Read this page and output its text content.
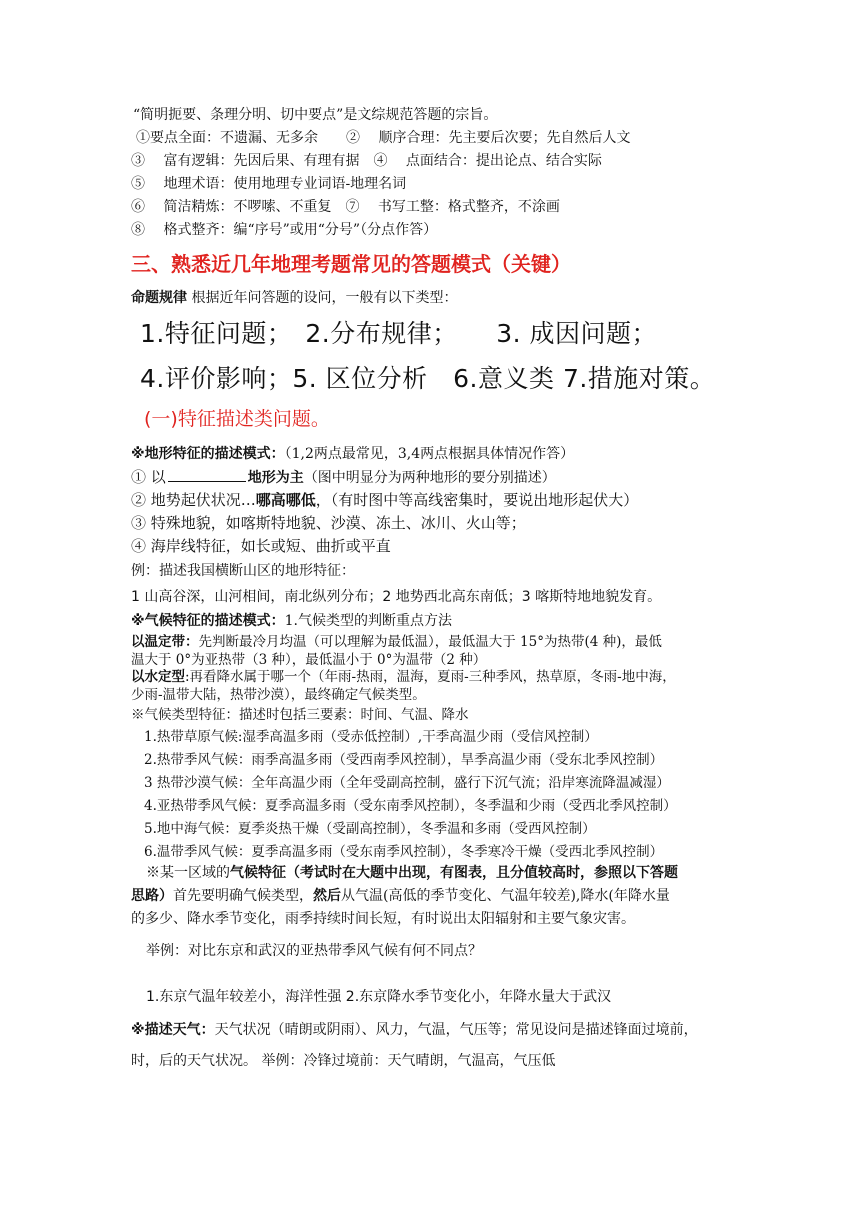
“简明扼要、条理分明、切中要点”是文综规范答题的宗旨。
①要点全面：不遗漏、无多余　　②　 顺序合理：先主要后次要；先自然后人文
③　 富有逻辑：先因后果、有理有据　④　 点面结合：提出论点、结合实际
⑤　 地理术语：使用地理专业词语-地理名词
⑥　 简洁精炼：不啰嗦、不重复　⑦　 书写工整：格式整齐，不涂画
⑧　 格式整齐：编“序号”或用“分号”（分点作答）
三、熟悉近几年地理考题常见的答题模式（关键）
命题规律 根据近年问答题的设问，一般有以下类型：
1.特征问题；　2.分布规律；　　3. 成因问题；
4.评价影响；5. 区位分析　6.意义类 7.措施对策。
(一)特征描述类问题。
※地形特征的描述模式：（1,2两点最常见，3,4两点根据具体情况作答）
① 以	地形为主（图中明显分为两种地形的要分别描述）
② 地势起伏状况…哪高哪低，（有时图中等高线密集时，要说出地形起伏大）
③ 特殊地貌，如喀斯特地貌、沙漠、冻土、冰川、火山等；
④ 海岸线特征，如长或短、曲折或平直
例：描述我国横断山区的地形特征：
1 山高谷深，山河相间，南北纵列分布；2 地势西北高东南低；3 喀斯特地地貌发育。
※气候特征的描述模式：1.气候类型的判断重点方法
以温定带：先判断最冷月均温（可以理解为最低温），最低温大于 15°为热带(4 种)，最低
温大于 0°为亚热带（3 种），最低温小于 0°为温带（2 种）
以水定型:再看降水属于哪一个（年雨-热雨，温海，夏雨-三种季风，热草原，冬雨-地中海，
少雨-温带大陆，热带沙漠），最终确定气候类型。
※气候类型特征：描述时包括三要素：时间、气温、降水
1.热带草原气候:湿季高温多雨（受赤低控制）,干季高温少雨（受信风控制）
2.热带季风气候：雨季高温多雨（受西南季风控制），旱季高温少雨（受东北季风控制）
3 热带沙漠气候：全年高温少雨（全年受副高控制，盛行下沉气流；沿岸寒流降温减湿）
4.亚热带季风气候：夏季高温多雨（受东南季风控制），冬季温和少雨（受西北季风控制）
5.地中海气候：夏季炎热干燥（受副高控制），冬季温和多雨（受西风控制）
6.温带季风气候：夏季高温多雨（受东南季风控制），冬季寒冷干燥（受西北季风控制）
※某一区域的气候特征（考试时在大题中出现，有图表，且分值较高时，参照以下答题
思路）首先要明确气候类型，然后从气温(高低的季节变化、气温年较差),降水(年降水量
的多少、降水季节变化，雨季持续时间长短，有时说出太阳辐射和主要气象灾害。
举例：对比东京和武汉的亚热带季风气候有何不同点？
1.东京气温年较差小，海洋性强 2.东京降水季节变化小，年降水量大于武汉
※描述天气：天气状况（晴朗或阴雨）、风力，气温，气压等；常见设问是描述锋面过境前，
时，后的天气状况。 举例：冷锋过境前：天气晴朗，气温高，气压低
